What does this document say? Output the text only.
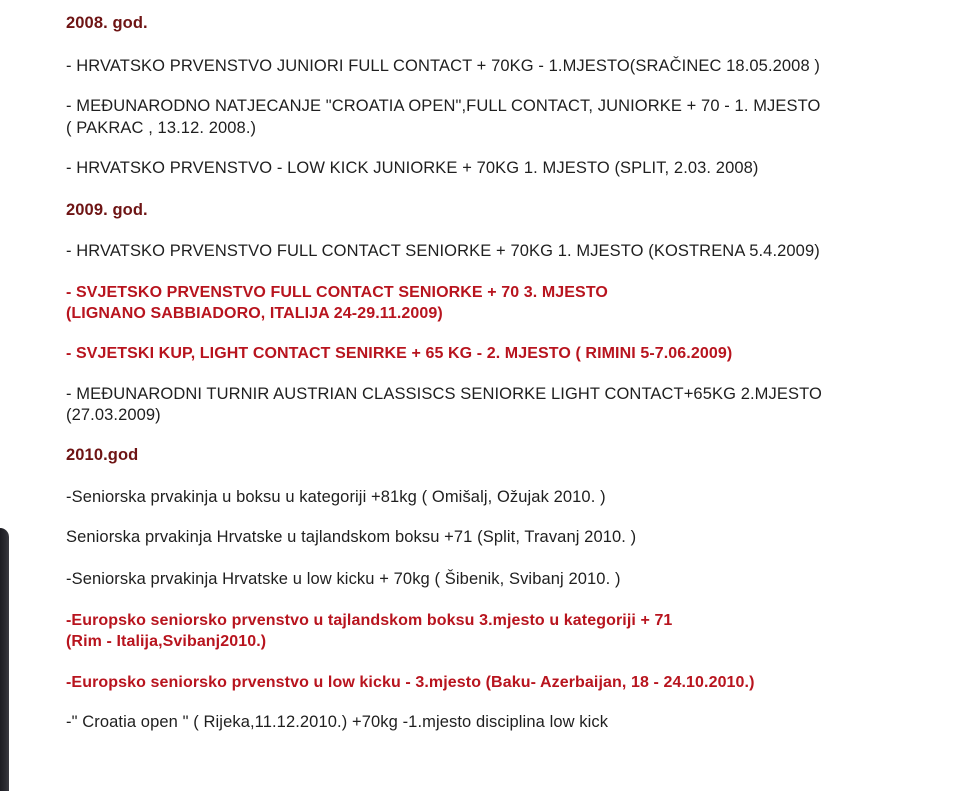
2008. god.
- HRVATSKO PRVENSTVO JUNIORI FULL CONTACT + 70KG - 1.MJESTO(SRAČINEC 18.05.2008 )
- MEĐUNARODNO NATJECANJE "CROATIA OPEN",FULL CONTACT, JUNIORKE + 70 - 1. MJESTO
( PAKRAC , 13.12. 2008.)
- HRVATSKO PRVENSTVO - LOW KICK JUNIORKE + 70KG 1. MJESTO (SPLIT, 2.03. 2008)
2009. god.
- HRVATSKO PRVENSTVO FULL CONTACT SENIORKE + 70KG 1. MJESTO (KOSTRENA 5.4.2009)
- SVJETSKO PRVENSTVO FULL CONTACT SENIORKE + 70 3. MJESTO
(LIGNANO SABBIADORO, ITALIJA 24-29.11.2009)
- SVJETSKI KUP, LIGHT CONTACT SENIRKE + 65 KG - 2. MJESTO ( RIMINI 5-7.06.2009)
- MEĐUNARODNI TURNIR AUSTRIAN CLASSISCS SENIORKE LIGHT CONTACT+65KG 2.MJESTO
(27.03.2009)
2010.god
-Seniorska prvakinja u boksu u kategoriji +81kg ( Omišalj, Ožujak 2010. )
Seniorska prvakinja Hrvatske u tajlandskom boksu +71 (Split, Travanj 2010. )
-Seniorska prvakinja Hrvatske u low kicku + 70kg ( Šibenik, Svibanj 2010. )
-Europsko seniorsko prvenstvo u tajlandskom boksu 3.mjesto u kategoriji + 71
(Rim - Italija,Svibanj2010.)
-Europsko seniorsko prvenstvo u low kicku - 3.mjesto (Baku- Azerbaijan, 18 - 24.10.2010.)
-" Croatia open " ( Rijeka,11.12.2010.) +70kg -1.mjesto disciplina low kick
